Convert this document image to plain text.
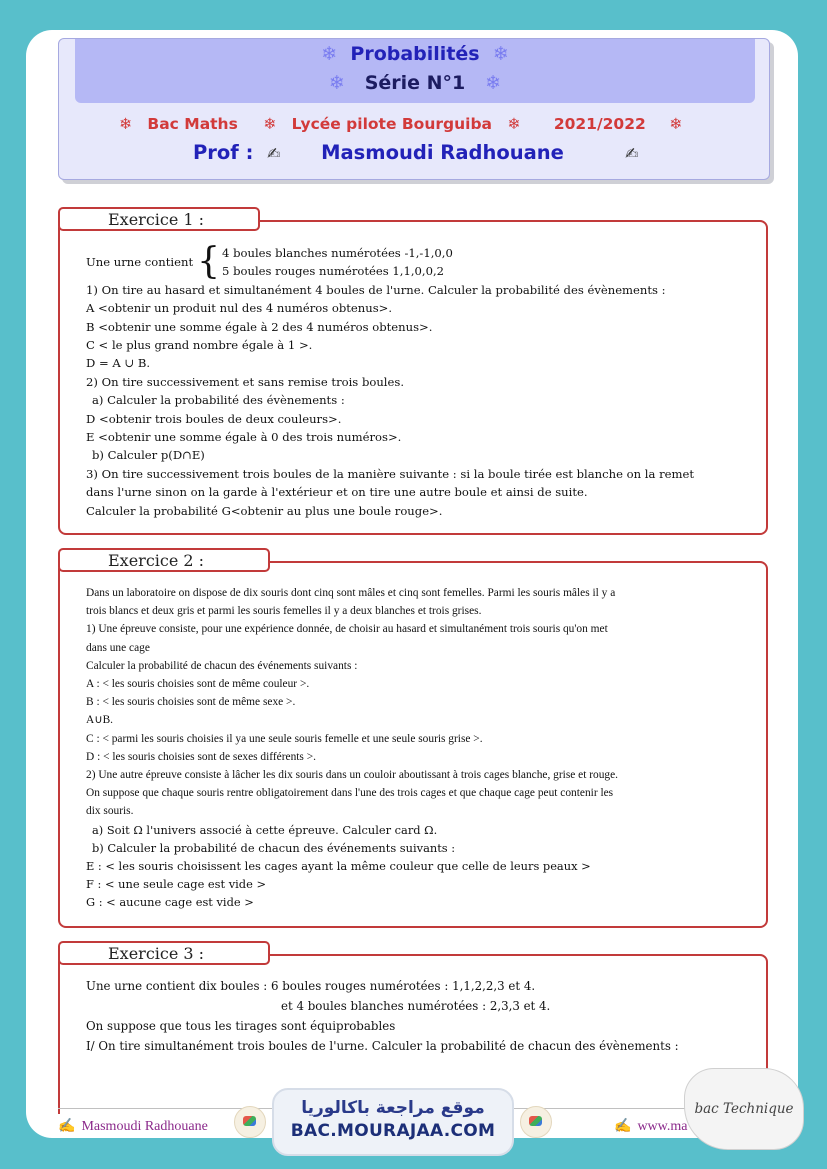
❄ Probabilités ❄
❄ Série N°1 ❄
❄ Bac Maths ❄ Lycée pilote Bourguiba ❄ 2021/2022 ❄
Prof : ✍ Masmoudi Radhouane	✍
Exercice 1 :
Une urne contient { 4 boules blanches numérotées -1,-1,0,0
5 boules rouges numérotées 1,1,0,0,2

1) On tire au hasard et simultanément 4 boules de l'urne. Calculer la probabilité des évènements :

A <obtenir un produit nul des 4 numéros obtenus>.

B <obtenir une somme égale à 2 des 4 numéros obtenus>.

C < le plus grand nombre égale à 1 >.

D = A ∪ B.

2) On tire successivement et sans remise trois boules.

a) Calculer la probabilité des évènements :

D <obtenir trois boules de deux couleurs>.

E <obtenir une somme égale à 0 des trois numéros>.

b) Calculer p(D∩E)

3) On tire successivement trois boules de la manière suivante : si la boule tirée est blanche on la remet

dans l'urne sinon on la garde à l'extérieur et on tire une autre boule et ainsi de suite.

Calculer la probabilité G<obtenir au plus une boule rouge>.

Exercice 2 :

Dans un laboratoire on dispose de dix souris dont cinq sont mâles et cinq sont femelles. Parmi les souris mâles il y a

trois blancs et deux gris et parmi les souris femelles il y a deux blanches et trois grises.

1) Une épreuve consiste, pour une expérience donnée, de choisir au hasard et simultanément trois souris qu'on met

dans une cage

Calculer la probabilité de chacun des événements suivants :

A : < les souris choisies sont de même couleur >.

B : < les souris choisies sont de même sexe >.

A∪B.

C : < parmi les souris choisies il ya une seule souris femelle et une seule souris grise >.

D : < les souris choisies sont de sexes différents >.

2) Une autre épreuve consiste à lâcher les dix souris dans un couloir aboutissant à trois cages blanche, grise et rouge.

On suppose que chaque souris rentre obligatoirement dans l'une des trois cages et que chaque cage peut contenir les

dix souris.

a) Soit Ω l'univers associé à cette épreuve. Calculer card Ω.

b) Calculer la probabilité de chacun des événements suivants :

E : < les souris choisissent les cages ayant la même couleur que celle de leurs peaux >

F : < une seule cage est vide >

G : < aucune cage est vide >

Exercice 3 :

Une urne contient dix boules : 6 boules rouges numérotées : 1,1,2,2,3 et 4.

et 4 boules blanches numérotées : 2,3,3 et 4.

On suppose que tous les tirages sont équiprobables

I/ On tire simultanément trois boules de l'urne. Calculer la probabilité de chacun des évènements :

✍ Masmoudi Radhouane	✍ www.ma
موقع مراجعة باكالوريا
BAC.MOURAJAA.COM
bac Technique
